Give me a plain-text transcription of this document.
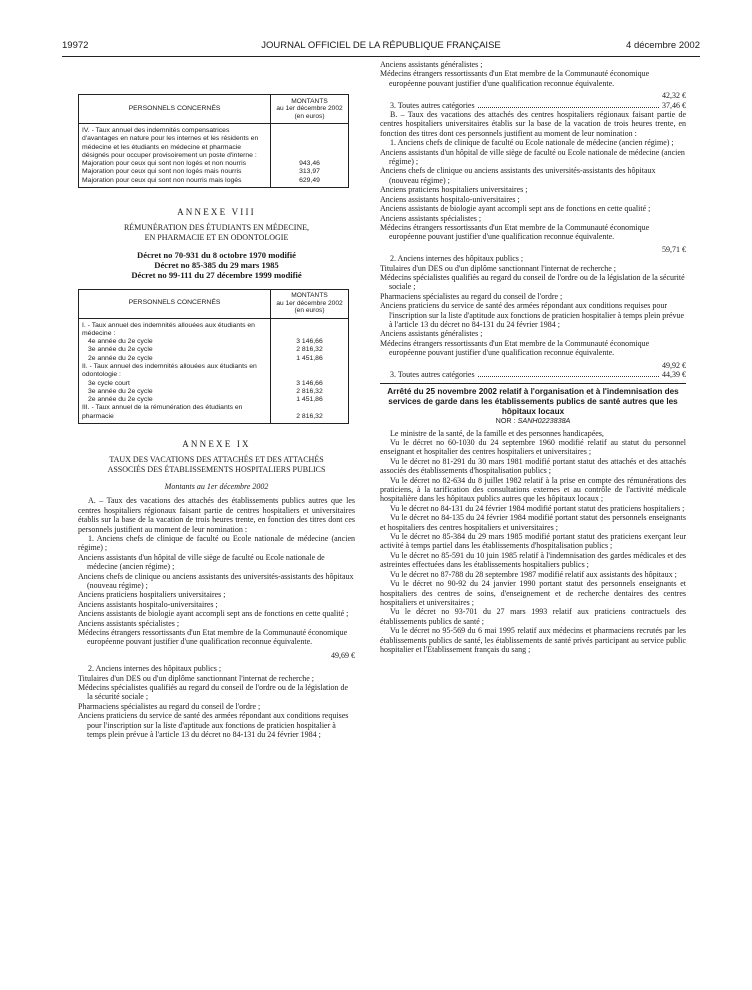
19972	JOURNAL OFFICIEL DE LA RÉPUBLIQUE FRANÇAISE	4 décembre 2002
PERSONNELS CONCERNÉS	MONTANTS
au 1er décembre 2002
(en euros)

IV. - Taux annuel des indemnités compensatrices d'avantages en nature pour les internes et les résidents en médecine et les étudiants en médecine et pharmacie désignés pour occuper provisoirement un poste d'interne :	
Majoration pour ceux qui sont non logés et non nourris	943,46
Majoration pour ceux qui sont non logés mais nourris	313,97
Majoration pour ceux qui sont non nourris mais logés	629,49
ANNEXE VIII
RÉMUNÉRATION DES ÉTUDIANTS EN MÉDECINE,
EN PHARMACIE ET EN ODONTOLOGIE
Décret no 70-931 du 8 octobre 1970 modifié
Décret no 85-385 du 29 mars 1985
Décret no 99-111 du 27 décembre 1999 modifié
PERSONNELS CONCERNÉS	MONTANTS
au 1er décembre 2002
(en euros)

I. - Taux annuel des indemnités allouées aux étudiants en médecine :	
4e année du 2e cycle	3 146,66
3e année du 2e cycle	2 816,32
2e année du 2e cycle	1 451,86
II. - Taux annuel des indemnités allouées aux étudiants en odontologie :	
3e cycle court	3 146,66
3e année du 2e cycle	2 816,32
2e année du 2e cycle	1 451,86
III. - Taux annuel de la rémunération des étudiants en pharmacie	2 816,32
ANNEXE IX
TAUX DES VACATIONS DES ATTACHÉS ET DES ATTACHÉS
ASSOCIÉS DES ÉTABLISSEMENTS HOSPITALIERS PUBLICS

Montants au 1er décembre 2002

A. – Taux des vacations des attachés des établissements publics autres que les centres hospitaliers régionaux faisant partie de centres hospitaliers et universitaires établis sur la base de la vacation de trois heures trente, en fonction des titres dont ces personnels justifient au moment de leur nomination :

1. Anciens chefs de clinique de faculté ou Ecole nationale de médecine (ancien régime) ;

Anciens assistants d'un hôpital de ville siège de faculté ou Ecole nationale de médecine (ancien régime) ;

Anciens chefs de clinique ou anciens assistants des universités-assistants des hôpitaux (nouveau régime) ;

Anciens praticiens hospitaliers universitaires ;

Anciens assistants hospitalo-universitaires ;

Anciens assistants de biologie ayant accompli sept ans de fonctions en cette qualité ;

Anciens assistants spécialistes ;

Médecins étrangers ressortissants d'un Etat membre de la Communauté économique européenne pouvant justifier d'une qualification reconnue équivalente.

49,69 €

2. Anciens internes des hôpitaux publics ;

Titulaires d'un DES ou d'un diplôme sanctionnant l'internat de recherche ;

Médecins spécialistes qualifiés au regard du conseil de l'ordre ou de la législation de la sécurité sociale ;

Pharmaciens spécialistes au regard du conseil de l'ordre ;

Anciens praticiens du service de santé des armées répondant aux conditions requises pour l'inscription sur la liste d'aptitude aux fonctions de praticien hospitalier à temps plein prévue à l'article 13 du décret no 84-131 du 24 février 1984 ;

Anciens assistants généralistes ;

Médecins étrangers ressortissants d'un Etat membre de la Communauté économique européenne pouvant justifier d'une qualification reconnue équivalente.

42,32 €

3. Toutes autres catégories	37,46 €

B. – Taux des vacations des attachés des centres hospitaliers régionaux faisant partie de centres hospitaliers universitaires établis sur la base de la vacation de trois heures trente, en fonction des titres dont ces personnels justifient au moment de leur nomination :

1. Anciens chefs de clinique de faculté ou Ecole nationale de médecine (ancien régime) ;

Anciens assistants d'un hôpital de ville siège de faculté ou Ecole nationale de médecine (ancien régime) ;

Anciens chefs de clinique ou anciens assistants des universités-assistants des hôpitaux (nouveau régime) ;

Anciens praticiens hospitaliers universitaires ;

Anciens assistants hospitalo-universitaires ;

Anciens assistants de biologie ayant accompli sept ans de fonctions en cette qualité ;

Anciens assistants spécialistes ;

Médecins étrangers ressortissants d'un Etat membre de la Communauté économique européenne pouvant justifier d'une qualification reconnue équivalente.

59,71 €

2. Anciens internes des hôpitaux publics ;

Titulaires d'un DES ou d'un diplôme sanctionnant l'internat de recherche ;

Médecins spécialistes qualifiés au regard du conseil de l'ordre ou de la législation de la sécurité sociale ;

Pharmaciens spécialistes au regard du conseil de l'ordre ;

Anciens praticiens du service de santé des armées répondant aux conditions requises pour l'inscription sur la liste d'aptitude aux fonctions de praticien hospitalier à temps plein prévue à l'article 13 du décret no 84-131 du 24 février 1984 ;

Anciens assistants généralistes ;

Médecins étrangers ressortissants d'un Etat membre de la Communauté économique européenne pouvant justifier d'une qualification reconnue équivalente.

49,92 €

3. Toutes autres catégories	44,39 €

Arrêté du 25 novembre 2002 relatif à l'organisation et à l'indemnisation des services de garde dans les établissements publics de santé autres que les hôpitaux locaux

NOR : SANH0223838A

Le ministre de la santé, de la famille et des personnes handicapées,

Vu le décret no 60-1030 du 24 septembre 1960 modifié relatif au statut du personnel enseignant et hospitalier des centres hospitaliers et universitaires ;

Vu le décret no 81-291 du 30 mars 1981 modifié portant statut des attachés et des attachés associés des établissements d'hospitalisation publics ;

Vu le décret no 82-634 du 8 juillet 1982 relatif à la prise en compte des rémunérations des praticiens, à la tarification des consultations externes et au contrôle de l'activité médicale hospitalière dans les hôpitaux publics autres que les hôpitaux locaux ;

Vu le décret no 84-131 du 24 février 1984 modifié portant statut des praticiens hospitaliers ;

Vu le décret no 84-135 du 24 février 1984 modifié portant statut des personnels enseignants et hospitaliers des centres hospitaliers et universitaires ;

Vu le décret no 85-384 du 29 mars 1985 modifié portant statut des praticiens exerçant leur activité à temps partiel dans les établissements d'hospitalisation publics ;

Vu le décret no 85-591 du 10 juin 1985 relatif à l'indemnisation des gardes médicales et des astreintes effectuées dans les établissements hospitaliers publics ;

Vu le décret no 87-788 du 28 septembre 1987 modifié relatif aux assistants des hôpitaux ;

Vu le décret no 90-92 du 24 janvier 1990 portant statut des personnels enseignants et hospitaliers des centres de soins, d'enseignement et de recherche dentaires des centres hospitaliers et universitaires ;

Vu le décret no 93-701 du 27 mars 1993 relatif aux praticiens contractuels des établissements publics de santé ;

Vu le décret no 95-569 du 6 mai 1995 relatif aux médecins et pharmaciens recrutés par les établissements publics de santé, les établissements de santé privés participant au service public hospitalier et l'Etablissement français du sang ;
